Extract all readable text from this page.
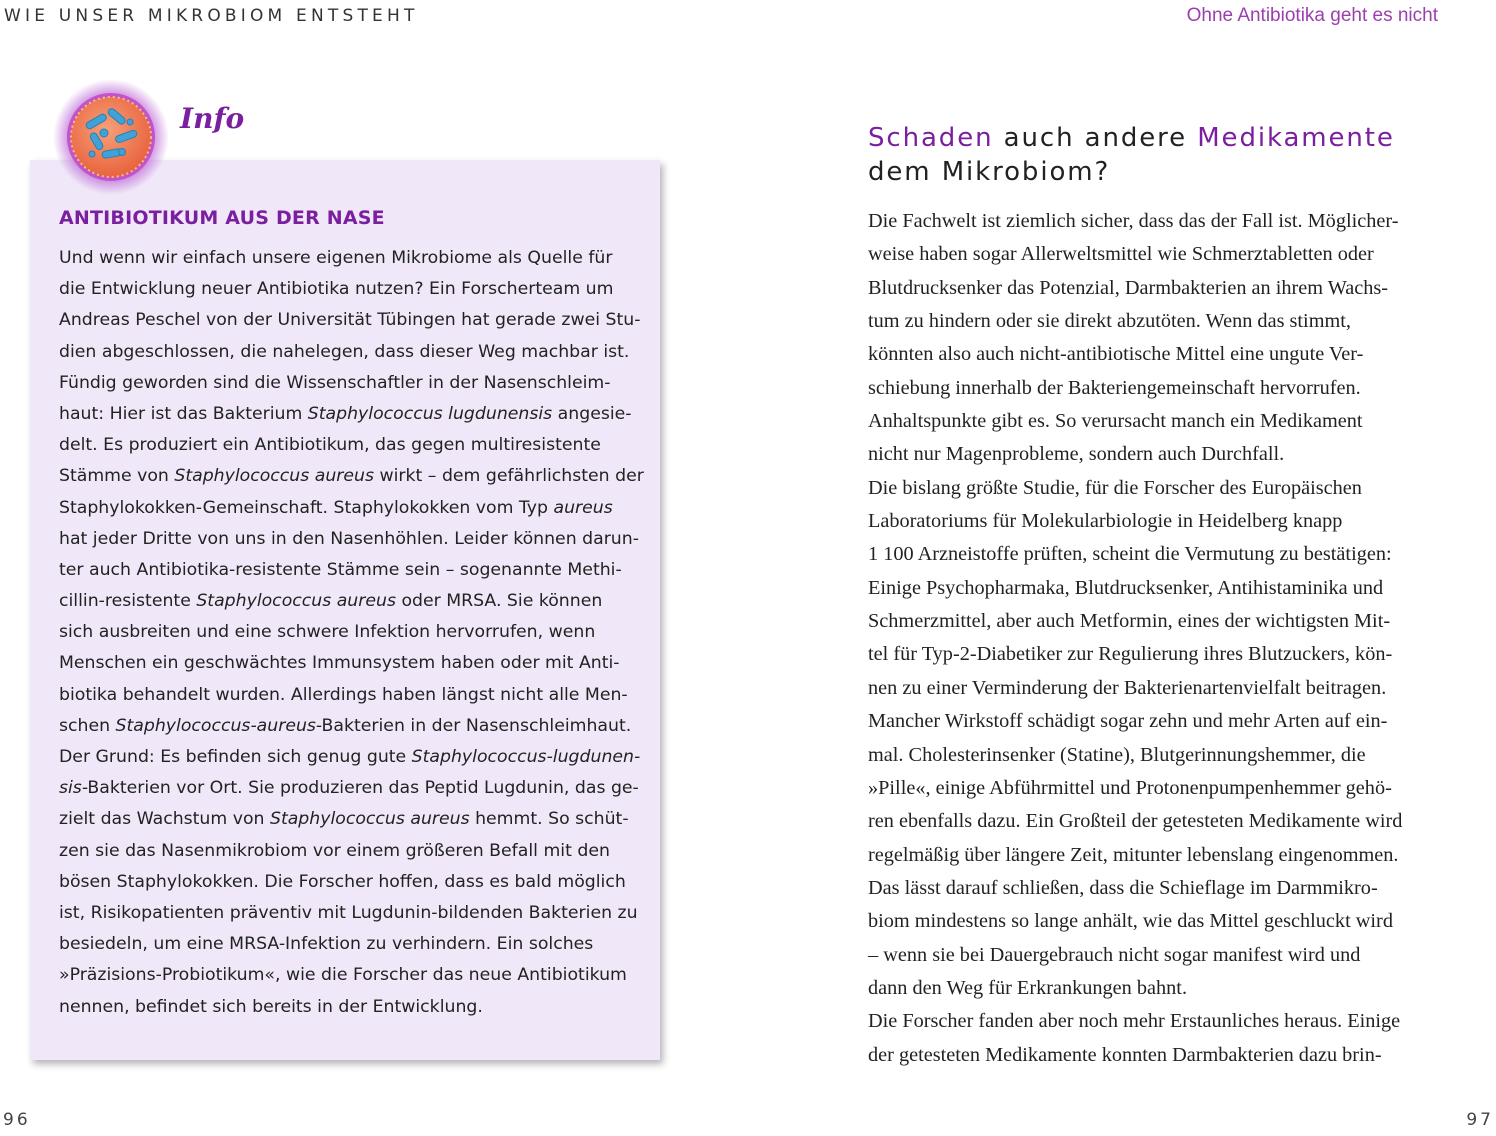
WIE UNSER MIKROBIOM ENTSTEHT	Ohne Antibiotika geht es nicht
Info
ANTIBIOTIKUM AUS DER NASE
Und wenn wir einfach unsere eigenen Mikrobiome als Quelle für
die Entwicklung neuer Antibiotika nutzen? Ein Forscherteam um
Andreas Peschel von der Universität Tübingen hat gerade zwei Stu-
dien abgeschlossen, die nahelegen, dass dieser Weg machbar ist.
Fündig geworden sind die Wissenschaftler in der Nasenschleim-
haut: Hier ist das Bakterium Staphylococcus lugdunensis angesie-
delt. Es produziert ein Antibiotikum, das gegen multiresistente
Stämme von Staphylococcus aureus wirkt – dem gefährlichsten der
Staphylokokken-Gemeinschaft. Staphylokokken vom Typ aureus
hat jeder Dritte von uns in den Nasenhöhlen. Leider können darun-
ter auch Antibiotika-resistente Stämme sein – sogenannte Methi-
cillin-resistente Staphylococcus aureus oder MRSA. Sie können
sich ausbreiten und eine schwere Infektion hervorrufen, wenn
Menschen ein geschwächtes Immunsystem haben oder mit Anti-
biotika behandelt wurden. Allerdings haben längst nicht alle Men-
schen Staphylococcus-aureus-Bakterien in der Nasenschleimhaut.
Der Grund: Es befinden sich genug gute Staphylococcus-lugdunen-
sis-Bakterien vor Ort. Sie produzieren das Peptid Lugdunin, das ge-
zielt das Wachstum von Staphylococcus aureus hemmt. So schüt-
zen sie das Nasenmikrobiom vor einem größeren Befall mit den
bösen Staphylokokken. Die Forscher hoffen, dass es bald möglich
ist, Risikopatienten präventiv mit Lugdunin-bildenden Bakterien zu
besiedeln, um eine MRSA-Infektion zu verhindern. Ein solches
»Präzisions-Probiotikum«, wie die Forscher das neue Antibiotikum
nennen, befindet sich bereits in der Entwicklung.
Schaden auch andere Medikamente
dem Mikrobiom?
Die Fachwelt ist ziemlich sicher, dass das der Fall ist. Möglicher-
weise haben sogar Allerweltsmittel wie Schmerztabletten oder
Blutdrucksenker das Potenzial, Darmbakterien an ihrem Wachs-
tum zu hindern oder sie direkt abzutöten. Wenn das stimmt,
könnten also auch nicht-antibiotische Mittel eine ungute Ver-
schiebung innerhalb der Bakteriengemeinschaft hervorrufen.
Anhaltspunkte gibt es. So verursacht manch ein Medikament
nicht nur Magenprobleme, sondern auch Durchfall.
Die bislang größte Studie, für die Forscher des Europäischen
Laboratoriums für Molekularbiologie in Heidelberg knapp
1 100 Arzneistoffe prüften, scheint die Vermutung zu bestätigen:
Einige Psychopharmaka, Blutdrucksenker, Antihistaminika und
Schmerzmittel, aber auch Metformin, eines der wichtigsten Mit-
tel für Typ-2-Diabetiker zur Regulierung ihres Blutzuckers, kön-
nen zu einer Verminderung der Bakterienartenvielfalt beitragen.
Mancher Wirkstoff schädigt sogar zehn und mehr Arten auf ein-
mal. Cholesterinsenker (Statine), Blutgerinnungshemmer, die
»Pille«, einige Abführmittel und Protonenpumpenhemmer gehö-
ren ebenfalls dazu. Ein Großteil der getesteten Medikamente wird
regelmäßig über längere Zeit, mitunter lebenslang eingenommen.
Das lässt darauf schließen, dass die Schieflage im Darmmikro-
biom mindestens so lange anhält, wie das Mittel geschluckt wird
– wenn sie bei Dauergebrauch nicht sogar manifest wird und
dann den Weg für Erkrankungen bahnt.
Die Forscher fanden aber noch mehr Erstaunliches heraus. Einige
der getesteten Medikamente konnten Darmbakterien dazu brin-
96	97
